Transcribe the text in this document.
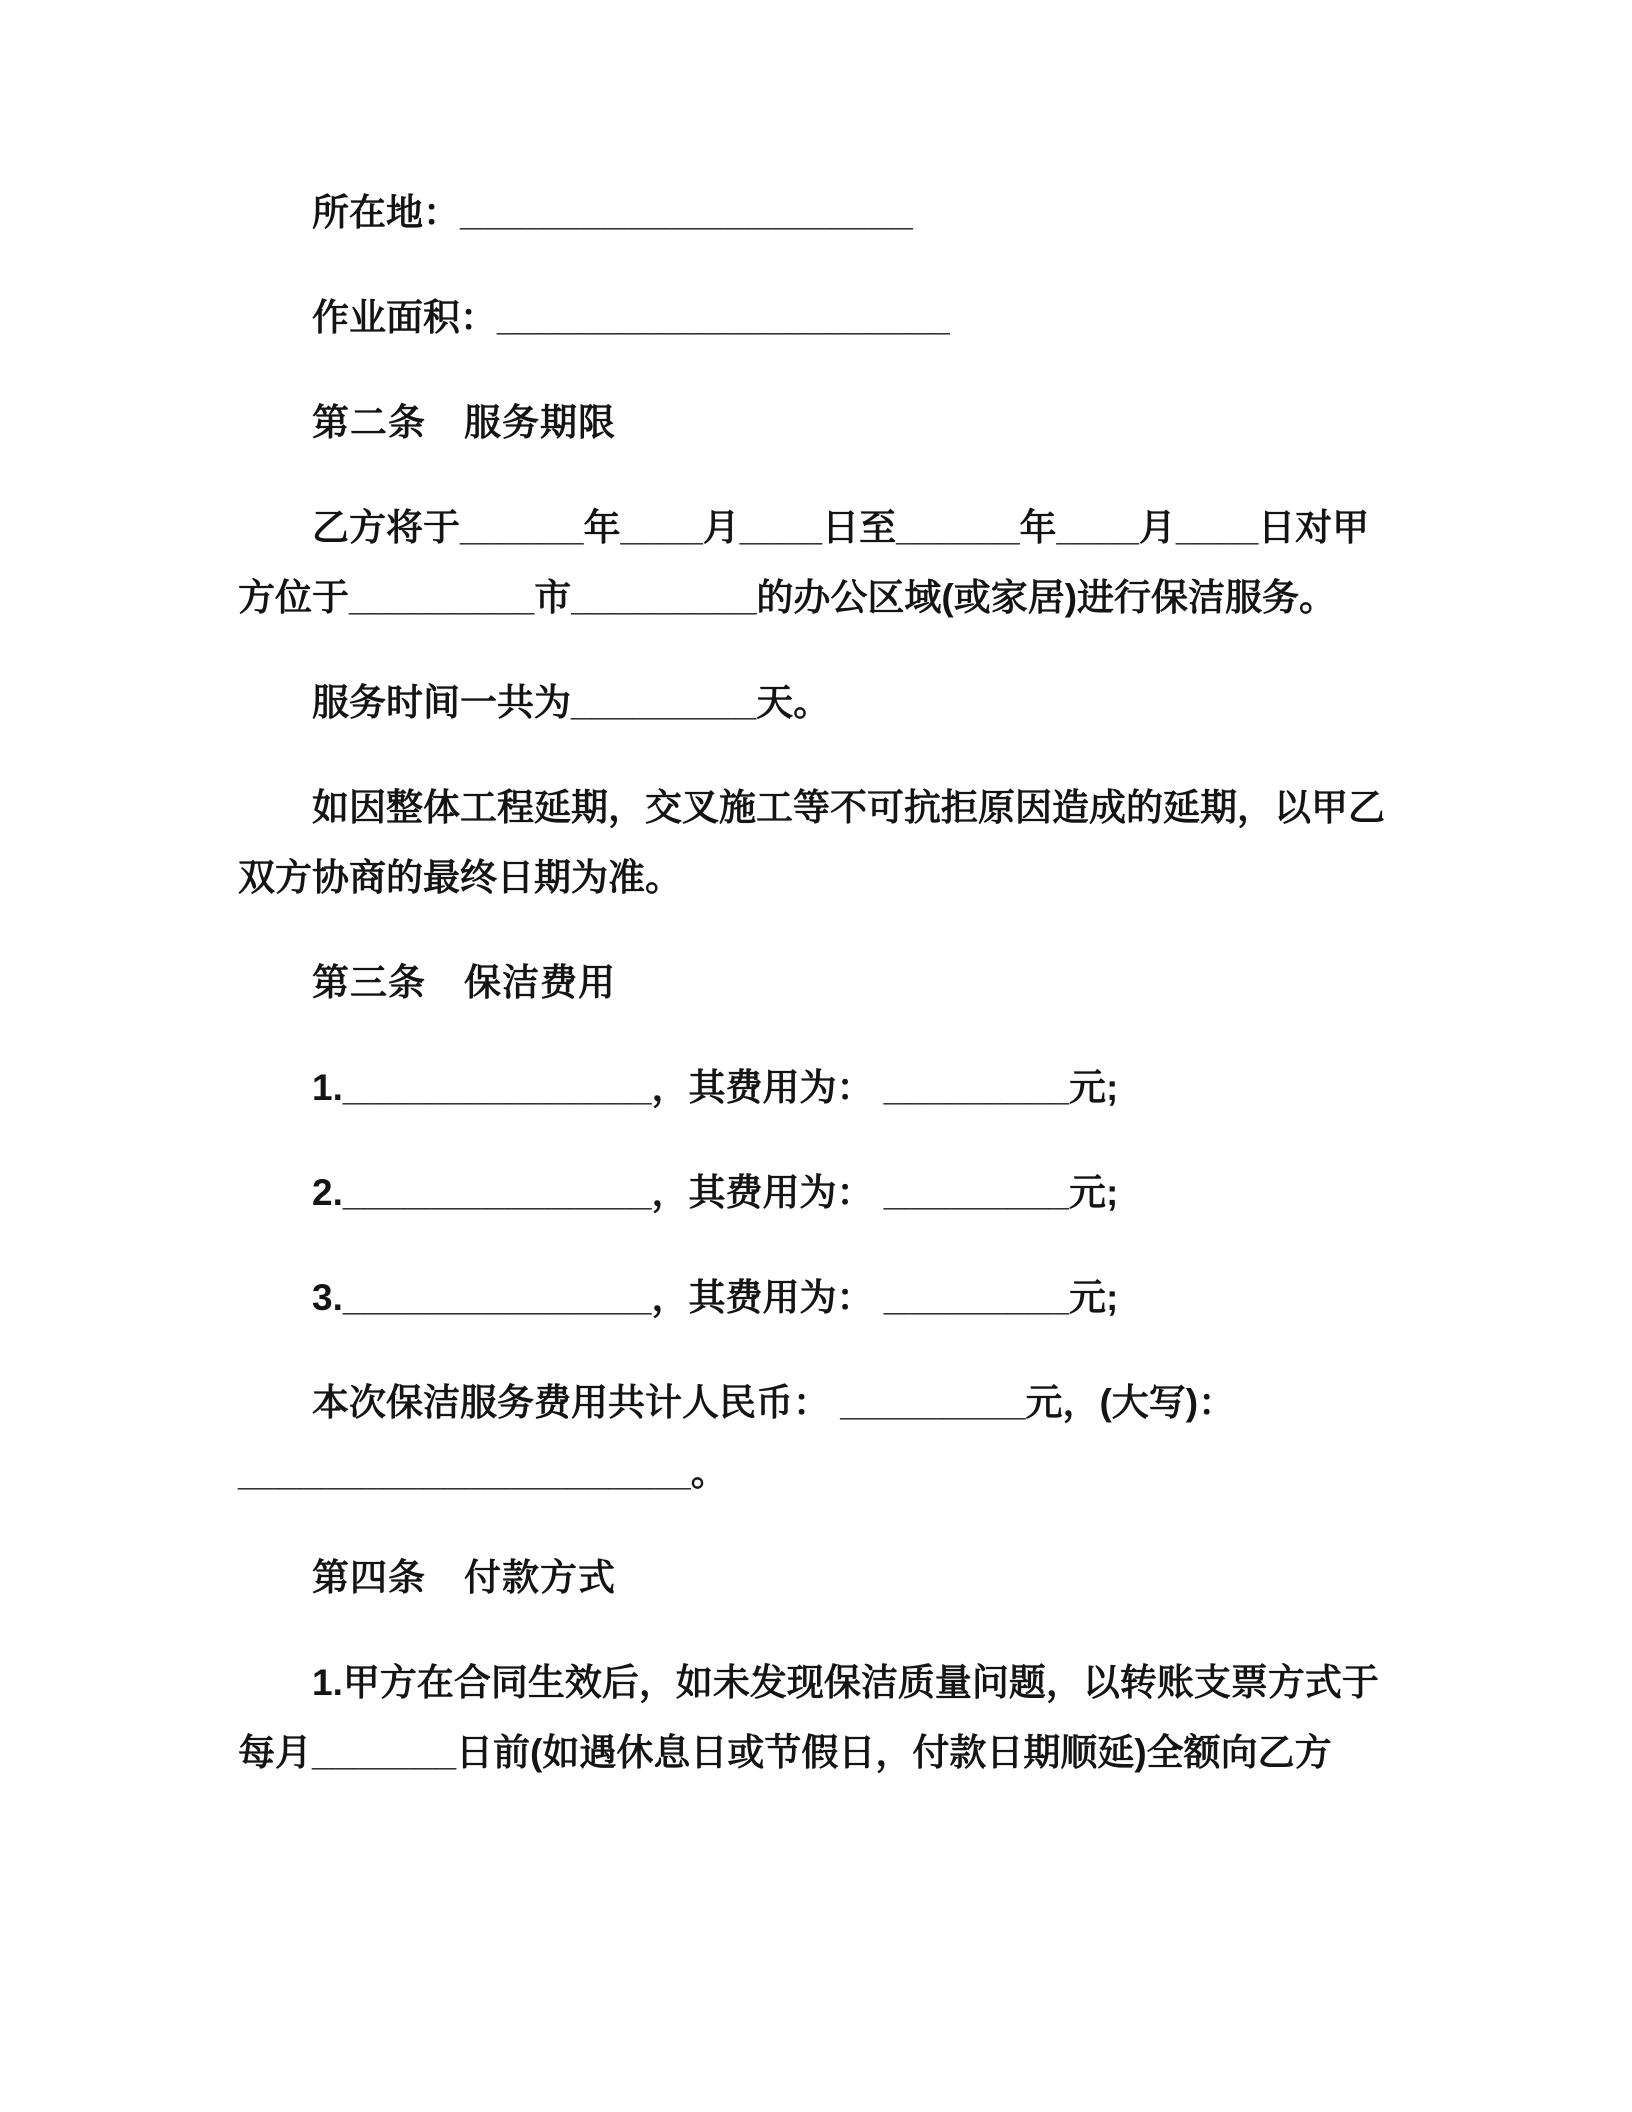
所在地：______________________

作业面积：______________________

第二条　服务期限

乙方将于______年____月____日至______年____月____日对甲方位于_________市_________的办公区域(或家居)进行保洁服务。

服务时间一共为_________天。

如因整体工程延期，交叉施工等不可抗拒原因造成的延期，以甲乙双方协商的最终日期为准。

第三条　保洁费用

1._______________，其费用为： _________元;

2._______________，其费用为： _________元;

3._______________，其费用为： _________元;

本次保洁服务费用共计人民币： _________元，(大写)：______________________。

第四条　付款方式

1.甲方在合同生效后，如未发现保洁质量问题，以转账支票方式于每月_______日前(如遇休息日或节假日，付款日期顺延)全额向乙方
